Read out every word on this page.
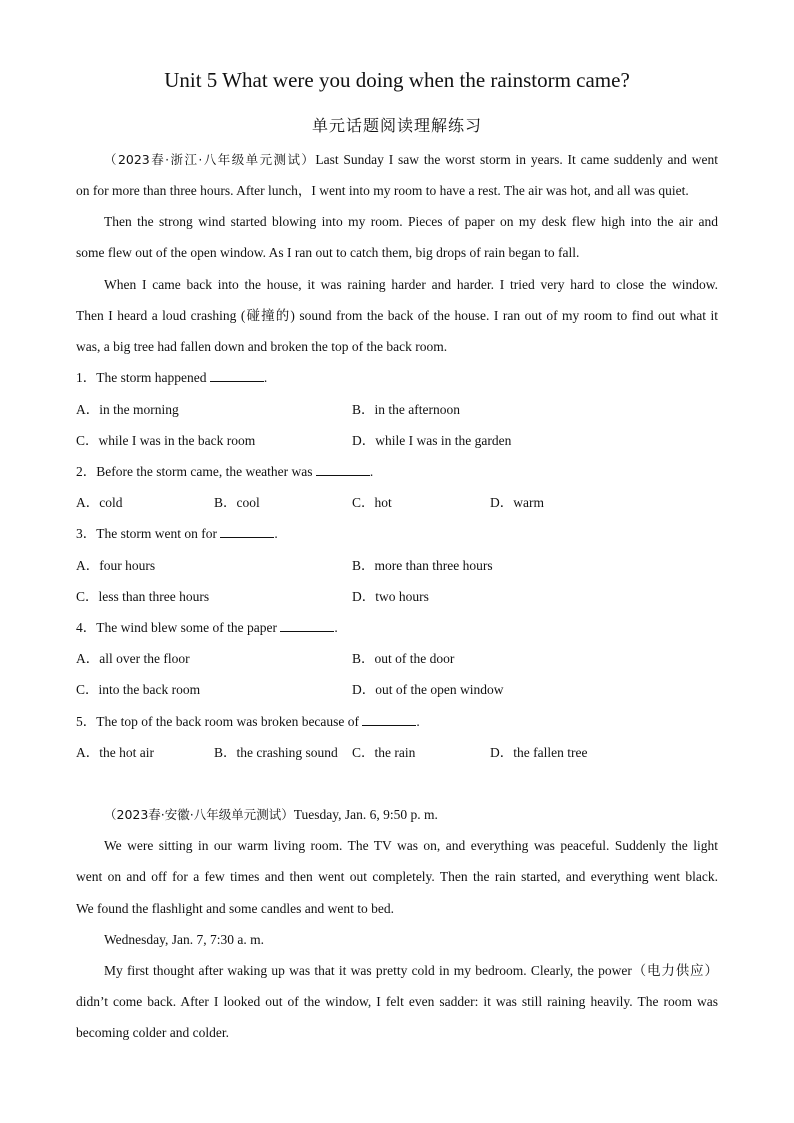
Unit 5 What were you doing when the rainstorm came?
单元话题阅读理解练习
（2023春·浙江·八年级单元测试）Last Sunday I saw the worst storm in years. It came suddenly and went
on for more than three hours. After lunch，I went into my room to have a rest. The air was hot, and all was quiet.
Then the strong wind started blowing into my room. Pieces of paper on my desk flew high into the air and
some flew out of the open window. As I ran out to catch them, big drops of rain began to fall.
When I came back into the house, it was raining harder and harder. I tried very hard to close the window.
Then I heard a loud crashing (碰撞的) sound from the back of the house. I ran out of my room to find out what it
was, a big tree had fallen down and broken the top of the back room.
1．The storm happened	.
A．in the morning	B．in the afternoon
C．while I was in the back room	D．while I was in the garden
2．Before the storm came, the weather was	.
A．cold	B．cool	C．hot	D．warm
3．The storm went on for	.
A．four hours	B．more than three hours
C．less than three hours	D．two hours
4．The wind blew some of the paper	.
A．all over the floor	B．out of the door
C．into the back room	D．out of the open window
5．The top of the back room was broken because of	.
A．the hot air	B．the crashing sound C．the rain	D．the fallen tree
（2023春·安徽·八年级单元测试）Tuesday, Jan. 6, 9:50 p. m.
We were sitting in our warm living room. The TV was on, and everything was peaceful. Suddenly the light
went on and off for a few times and then went out completely. Then the rain started, and everything went black.
We found the flashlight and some candles and went to bed.
Wednesday, Jan. 7, 7:30 a. m.
My first thought after waking up was that it was pretty cold in my bedroom. Clearly, the power（电力供应）
didn’t come back. After I looked out of the window, I felt even sadder: it was still raining heavily. The room was
becoming colder and colder.
